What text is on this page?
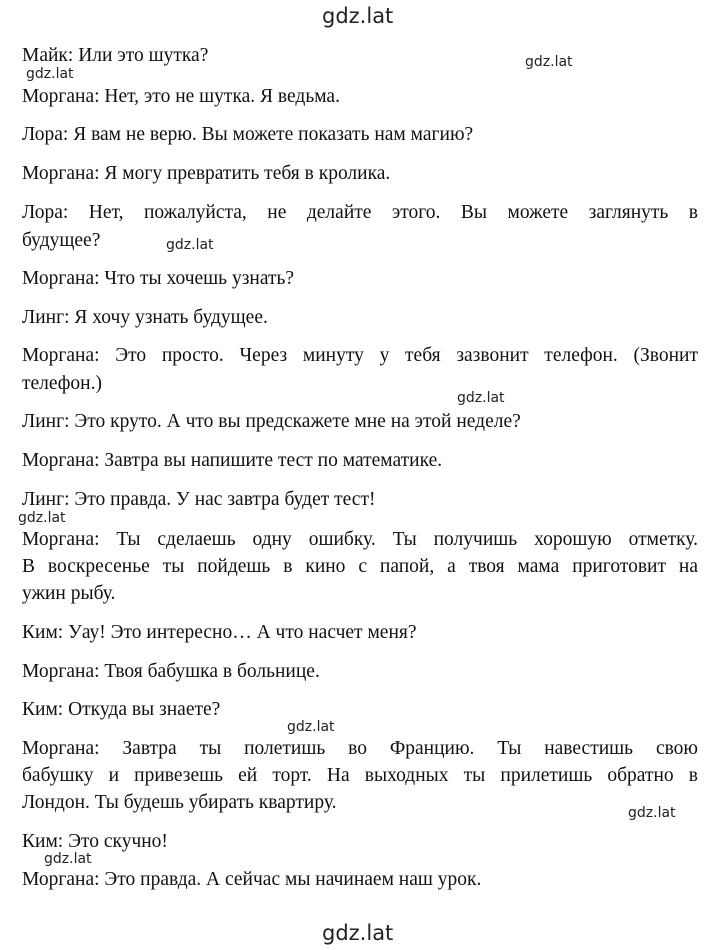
gdz.lat
Майк: Или это шутка?	gdz.lat
gdz.lat
Моргана: Нет, это не шутка. Я ведьма.
Лора: Я вам не верю. Вы можете показать нам магию?
Моргана: Я могу превратить тебя в кролика.
Лора: Нет, пожалуйста, не делайте этого. Вы можете заглянуть в
будущее?	gdz.lat
Моргана: Что ты хочешь узнать?
Линг: Я хочу узнать будущее.
Моргана: Это просто. Через минуту у тебя зазвонит телефон. (Звонит
телефон.)
gdz.lat
Линг: Это круто. А что вы предскажете мне на этой неделе?
Моргана: Завтра вы напишите тест по математике.
Линг: Это правда. У нас завтра будет тест!
gdz.lat
Моргана: Ты сделаешь одну ошибку. Ты получишь хорошую отметку.
В воскресенье ты пойдешь в кино с папой, а твоя мама приготовит на
ужин рыбу.
Ким: Уау! Это интересно… А что насчет меня?
Моргана: Твоя бабушка в больнице.
Ким: Откуда вы знаете?
gdz.lat
Моргана: Завтра ты полетишь во Францию. Ты навестишь свою
бабушку и привезешь ей торт. На выходных ты прилетишь обратно в
Лондон. Ты будешь убирать квартиру.	gdz.lat
Ким: Это скучно!
gdz.lat
Моргана: Это правда. А сейчас мы начинаем наш урок.
gdz.lat
